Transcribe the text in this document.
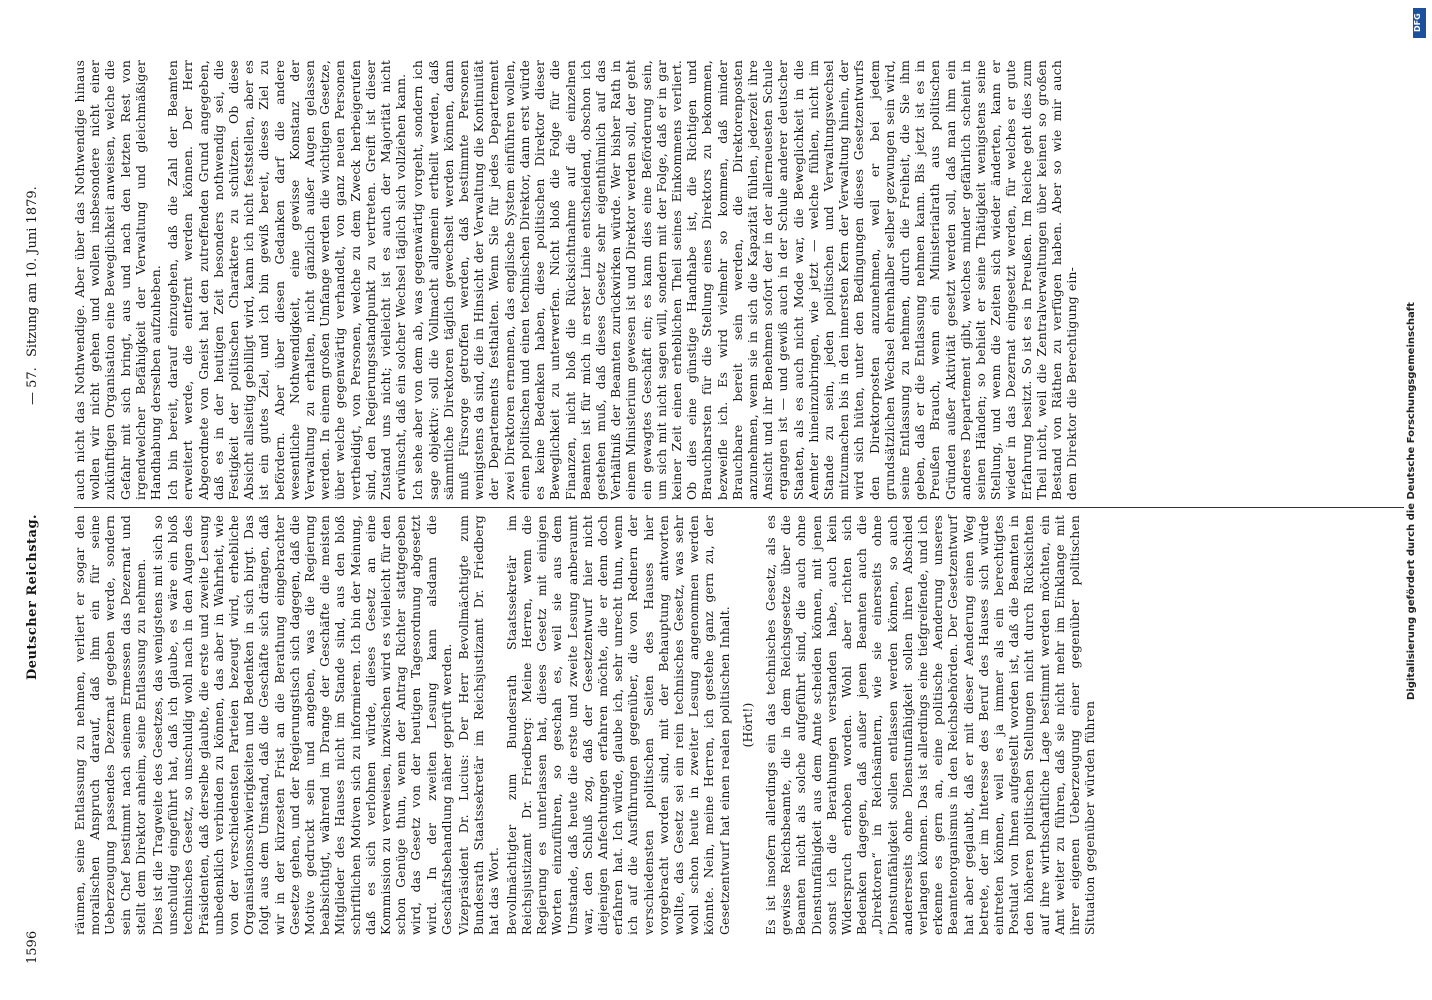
1596
Deutscher Reichstag.
— 57. Sitzung am 10. Juni 1879.	auch nicht das Nothwendige. Aber über das Nothwendige hinaus wollen wir nicht gehen und wollen insbesondere nicht einer zukünftigen Organisation eine Beweglichkeit anweisen, welche die Gefahr mit sich bringt, aus und nach den letzten Rest von irgendwelcher Befähigkeit der Verwaltung und gleichmäßiger Handhabung derselben aufzuheben. Ich bin bereit, darauf einzugehen, daß die Zahl der Beamten erweitert werde, die entfernt werden können. Der Herr Abgeordnete von Gneist hat den zutreffenden Grund angegeben, daß es in der heutigen Zeit besonders nothwendig sei, die Festigkeit der politischen Charaktere zu schützen. Ob diese Absicht allseitig gebilligt wird, kann ich nicht feststellen, aber es ist ein gutes Ziel, und ich bin gewiß bereit, dieses Ziel zu befördern. Aber über diesen Gedanken darf die andere wesentliche Nothwendigkeit, eine gewisse Konstanz der Verwaltung zu erhalten, nicht gänzlich außer Augen gelassen werden. In einem großen Umfange werden die wichtigen Gesetze, über welche gegenwärtig verhandelt, von ganz neuen Personen vertheidigt, von Personen, welche zu dem Zweck herbeigerufen sind, den Regierungsstandpunkt zu vertreten. Greift ist dieser Zustand uns nicht; vielleicht ist es auch der Majorität nicht erwünscht, daß ein solcher Wechsel täglich sich vollziehen kann. Ich sehe aber von dem ab, was gegenwärtig vorgeht, sondern ich sage objektiv: soll die Vollmacht allgemein ertheilt werden, daß sämmtliche Direktoren täglich gewechselt werden können, dann muß Fürsorge getroffen werden, daß bestimmte Personen wenigstens da sind, die in Hinsicht der Verwaltung die Kontinuität der Departements festhalten. Wenn Sie für jedes Departement zwei Direktoren ernennen, das englische System einführen wollen, einen politischen und einen technischen Direktor, dann erst würde es keine Bedenken haben, diese politischen Direktor dieser Beweglichkeit zu unterwerfen. Nicht bloß die Folge für die Finanzen, nicht bloß die Rücksichtnahme auf die einzelnen Beamten ist für mich in erster Linie entscheidend, obschon ich gestehen muß, daß dieses Gesetz sehr eigenthümlich auf das Verhältniß der Beamten zurückwirken würde. Wer bisher Rath in einem Ministerium gewesen ist und Direktor werden soll, der geht ein gewagtes Geschäft ein; es kann dies eine Beförderung sein, um sich mit nicht sagen will, sondern mit der Folge, daß er in gar keiner Zeit einen erheblichen Theil seines Einkommens verliert. Ob dies eine günstige Handhabe ist, die Richtigen und Brauchbarsten für die Stellung eines Direktors zu bekommen, bezweifle ich. Es wird vielmehr so kommen, daß minder Brauchbare bereit sein werden, die Direktorenposten anzunehmen, wenn sie in sich die Kapazität fühlen, jederzeit ihre Ansicht und ihr Benehmen sofort der in der allerneuesten Schule ergangen ist — und gewiß auch in der Schule anderer deutscher Staaten, als es auch nicht Mode war, die Beweglichkeit in die Aemter hineinzubringen, wie jetzt — welche fühlen, nicht im Stande zu sein, jeden politischen und Verwaltungswechsel mitzumachen bis in den innersten Kern der Verwaltung hinein, der wird sich hüten, unter den Bedingungen dieses Gesetzentwurfs den Direktorposten anzunehmen, weil er bei jedem grundsätzlichen Wechsel ehrenhalber selber gezwungen sein wird, seine Entlassung zu nehmen, durch die Freiheit, die Sie ihm geben, daß er die Entlassung nehmen kann. Bis jetzt ist es in Preußen Brauch, wenn ein Ministerialrath aus politischen Gründen außer Aktivität gesetzt werden soll, daß man ihm ein anderes Departement gibt, welches minder gefährlich scheint in seinen Händen; so behielt er seine Thätigkeit wenigstens seine Stellung, und wenn die Zeiten sich wieder änderten, kann er wieder in das Dezernat eingesetzt werden, für welches er gute Erfahrung besitzt. So ist es in Preußen. Im Reiche geht dies zum Theil nicht, weil die Zentralverwaltungen über keinen so großen Bestand von Räthen zu verfügen haben. Aber so wie mir auch dem Direktor die Berechtigung ein-

räumen, seine Entlassung zu nehmen, verliert er sogar den moralischen Anspruch darauf, daß ihm ein für seine Ueberzeugung passendes Dezernat gegeben werde, sondern sein Chef bestimmt nach seinem Ermessen das Dezernat und stellt dem Direktor anheim, seine Entlassung zu nehmen. Dies ist die Tragweite des Gesetzes, das wenigstens mit sich so unschuldig eingeführt hat, daß ich glaube, es wäre ein bloß technisches Gesetz, so unschuldig wohl nach in den Augen des Präsidenten, daß derselbe glaubte, die erste und zweite Lesung unbedenklich verbinden zu können, das aber in Wahrheit, wie von der verschiedensten Parteien bezeugt wird, erhebliche Organisationsschwierigkeiten und Bedenken in sich birgt. Das folgt aus dem Umstand, daß die Geschäfte sich drängen, daß wir in der kürzesten Frist an die Berathung eingebrachter Gesetze gehen, und der Regierungstisch sich dagegen, daß die Motive gedruckt sein und angeben, was die Regierung beabsichtigt, während im Drange der Geschäfte die meisten Mitglieder des Hauses nicht im Stande sind, aus den bloß schriftlichen Motiven sich zu informieren. Ich bin der Meinung, daß es sich verlohnen würde, dieses Gesetz an eine Kommission zu verweisen, inzwischen wird es vielleicht für den schon Genüge thun, wenn der Antrag Richter stattgegeben wird, das Gesetz von der heutigen Tagesordnung abgesetzt wird. In der zweiten Lesung kann alsdann die Geschäftsbehandlung näher geprüft werden. Vizepräsident Dr. Lucius: Der Herr Bevollmächtigte zum Bundesrath Staatssekretär im Reichsjustizamt Dr. Friedberg hat das Wort. Bevollmächtigter zum Bundesrath Staatssekretär im Reichsjustizamt Dr. Friedberg: Meine Herren, wenn die Regierung es unterlassen hat, dieses Gesetz mit einigen Worten einzuführen, so geschah es, weil sie aus dem Umstande, daß heute die erste und zweite Lesung anberaumt war, den Schluß zog, daß der Gesetzentwurf hier nicht diejenigen Anfechtungen erfahren möchte, die er denn doch erfahren hat. Ich würde, glaube ich, sehr unrecht thun, wenn ich auf die Ausführungen gegenüber, die von Rednern der verschiedensten politischen Seiten des Hauses hier vorgebracht worden sind, mit der Behauptung antworten wollte, das Gesetz sei ein rein technisches Gesetz, was sehr wohl schon heute in zweiter Lesung angenommen werden könnte. Nein, meine Herren, ich gestehe ganz gern zu, der Gesetzentwurf hat einen realen politischen Inhalt. (Hört!) Es ist insofern allerdings ein das technisches Gesetz, als es gewisse Reichsbeamte, die in dem Reichsgesetze über die Beamten nicht als solche aufgeführt sind, die auch ohne Dienstunfähigkeit aus dem Amte scheiden können, mit jenen sonst ich die Berathungen verstanden habe, auch kein Widerspruch erhoben worden. Wohl aber richten sich Bedenken dagegen, daß außer jenen Beamten auch die „Direktoren“ in Reichsämtern, wie sie einerseits ohne Dienstunfähigkeit sollen entlassen werden können, so auch andererseits ohne Dienstunfähigkeit sollen ihren Abschied verlangen können. Das ist allerdings eine tiefgreifende, und ich erkenne es gern an, eine politische Aenderung unseres Beamtenorganismus in den Reichsbehörden. Der Gesetzentwurf hat aber geglaubt, daß er mit dieser Aenderung einen Weg betrete, der im Interesse des Beruf des Hauses sich würde eintreten können, weil es ja immer als ein berechtigtes Postulat von Ihnen aufgestellt worden ist, daß die Beamten in den höheren politischen Stellungen nicht durch Rücksichten auf ihre wirthschaftliche Lage bestimmt werden möchten, ein Amt weiter zu führen, daß sie nicht mehr im Einklange mit ihrer eigenen Ueberzeugung einer gegenüber politischen Situation gegenüber würden führen

DFG
Digitalisierung gefördert durch die Deutsche Forschungsgemeinschaft
